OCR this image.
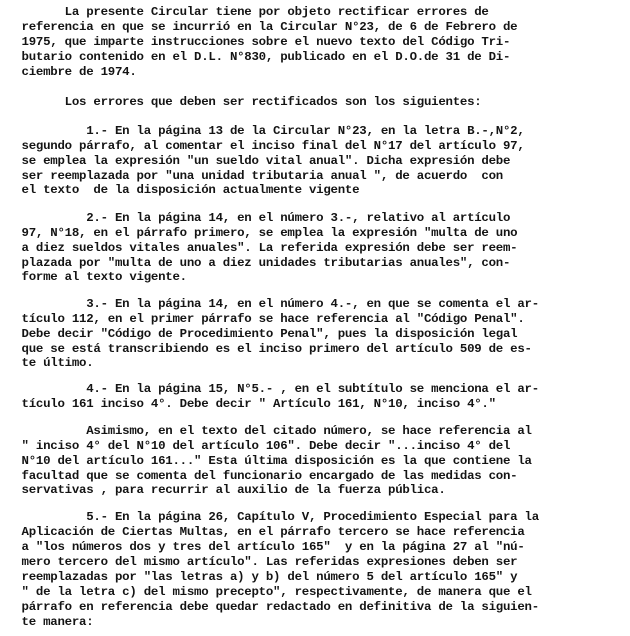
La presente Circular tiene por objeto rectificar errores de
referencia en que se incurrió en la Circular N°23, de 6 de Febrero de
1975, que imparte instrucciones sobre el nuevo texto del Código Tri-
butario contenido en el D.L. N°830, publicado en el D.O.de 31 de Di-
ciembre de 1974.
Los errores que deben ser rectificados son los siguientes:
1.- En la página 13 de la Circular N°23, en la letra B.-,N°2,
segundo párrafo, al comentar el inciso final del N°17 del artículo 97,
se emplea la expresión "un sueldo vital anual". Dicha expresión debe
ser reemplazada por "una unidad tributaria anual ", de acuerdo  con
el texto  de la disposición actualmente vigente
2.- En la página 14, en el número 3.-, relativo al artículo
97, N°18, en el párrafo primero, se emplea la expresión "multa de uno
a diez sueldos vitales anuales". La referida expresión debe ser reem-
plazada por "multa de uno a diez unidades tributarias anuales", con-
forme al texto vigente.
3.- En la página 14, en el número 4.-, en que se comenta el ar-
tículo 112, en el primer párrafo se hace referencia al "Código Penal".
Debe decir "Código de Procedimiento Penal", pues la disposición legal
que se está transcribiendo es el inciso primero del artículo 509 de es-
te último.
4.- En la página 15, N°5.- , en el subtítulo se menciona el ar-
tículo 161 inciso 4°. Debe decir " Artículo 161, N°10, inciso 4°."
Asimismo, en el texto del citado número, se hace referencia al
" inciso 4° del N°10 del artículo 106". Debe decir "...inciso 4° del
N°10 del artículo 161..." Esta última disposición es la que contiene la
facultad que se comenta del funcionario encargado de las medidas con-
servativas , para recurrir al auxilio de la fuerza pública.
5.- En la página 26, Capítulo V, Procedimiento Especial para la
Aplicación de Ciertas Multas, en el párrafo tercero se hace referencia
a "los números dos y tres del artículo 165"  y en la página 27 al "nú-
mero tercero del mismo artículo". Las referidas expresiones deben ser
reemplazadas por "las letras a) y b) del número 5 del artículo 165" y
" de la letra c) del mismo precepto", respectivamente, de manera que el
párrafo en referencia debe quedar redactado en definitiva de la siguien-
te manera:
